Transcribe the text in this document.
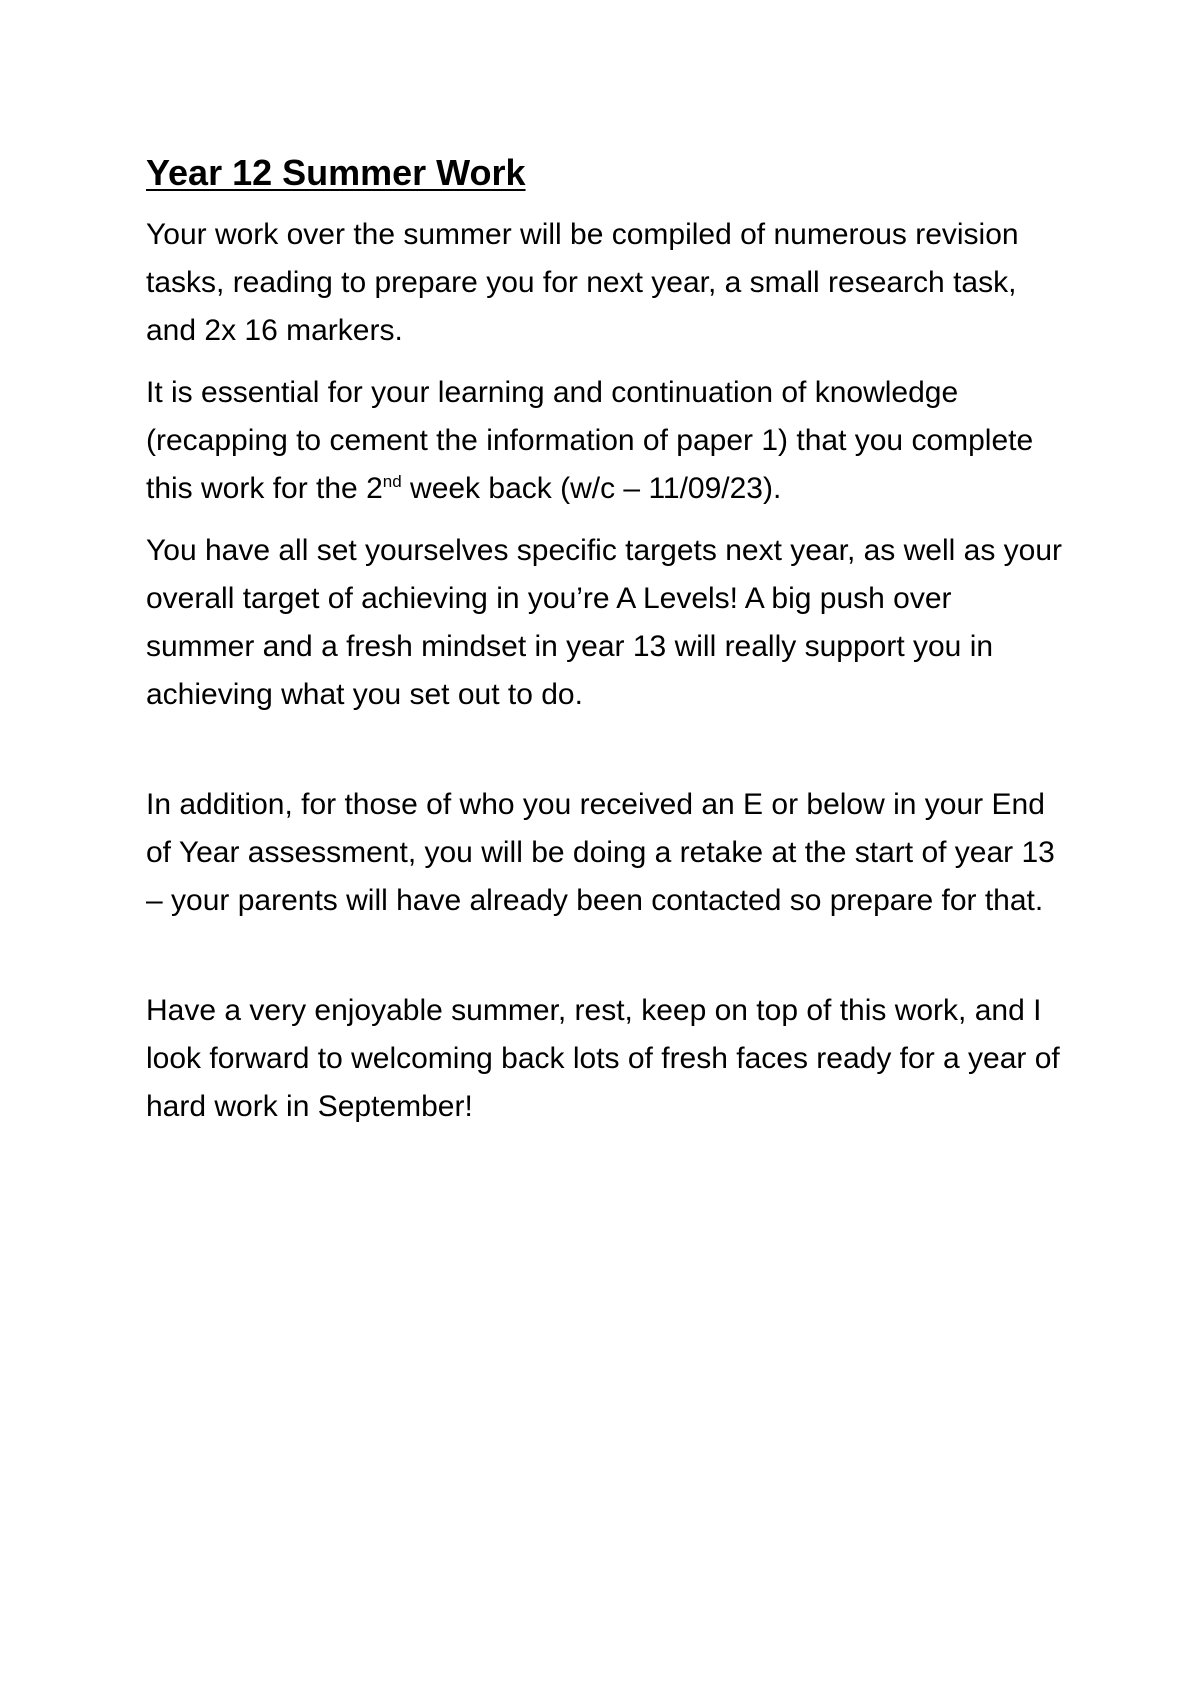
Year 12 Summer Work

Your work over the summer will be compiled of numerous revision tasks, reading to prepare you for next year, a small research task, and 2x 16 markers.

It is essential for your learning and continuation of knowledge (recapping to cement the information of paper 1) that you complete this work for the 2nd week back (w/c – 11/09/23).

You have all set yourselves specific targets next year, as well as your overall target of achieving in you’re A Levels! A big push over summer and a fresh mindset in year 13 will really support you in achieving what you set out to do.

In addition, for those of who you received an E or below in your End of Year assessment, you will be doing a retake at the start of year 13 – your parents will have already been contacted so prepare for that.

Have a very enjoyable summer, rest, keep on top of this work, and I look forward to welcoming back lots of fresh faces ready for a year of hard work in September!
